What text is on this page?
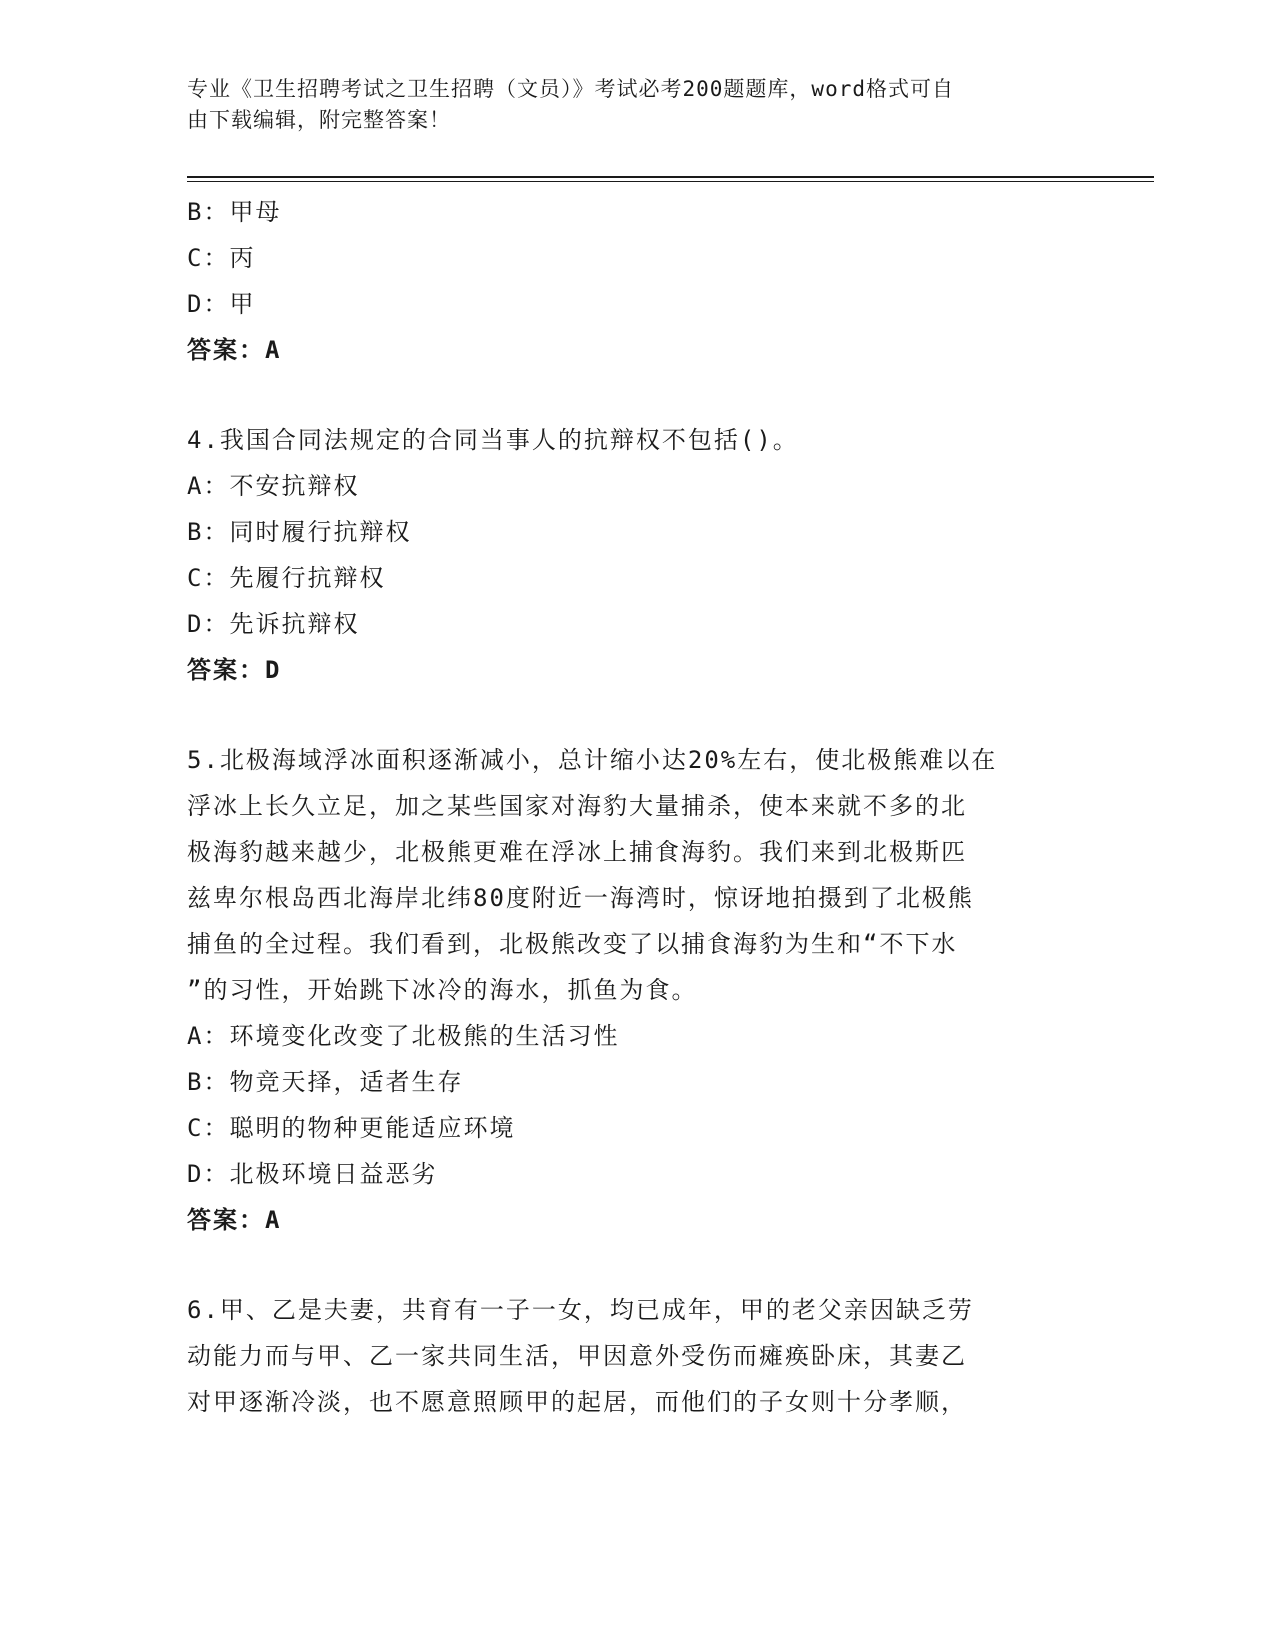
专业《卫生招聘考试之卫生招聘（文员）》考试必考200题题库，word格式可自
由下载编辑，附完整答案！
B：甲母
C：丙
D：甲
答案：A
4.我国合同法规定的合同当事人的抗辩权不包括()。
A：不安抗辩权
B：同时履行抗辩权
C：先履行抗辩权
D：先诉抗辩权
答案：D
5.北极海域浮冰面积逐渐减小，总计缩小达20%左右，使北极熊难以在
浮冰上长久立足，加之某些国家对海豹大量捕杀，使本来就不多的北
极海豹越来越少，北极熊更难在浮冰上捕食海豹。我们来到北极斯匹
兹卑尔根岛西北海岸北纬80度附近一海湾时，惊讶地拍摄到了北极熊
捕鱼的全过程。我们看到，北极熊改变了以捕食海豹为生和“不下水
”的习性，开始跳下冰冷的海水，抓鱼为食。
A：环境变化改变了北极熊的生活习性
B：物竞天择，适者生存
C：聪明的物种更能适应环境
D：北极环境日益恶劣
答案：A
6.甲、乙是夫妻，共育有一子一女，均已成年，甲的老父亲因缺乏劳
动能力而与甲、乙一家共同生活，甲因意外受伤而瘫痪卧床，其妻乙
对甲逐渐冷淡，也不愿意照顾甲的起居，而他们的子女则十分孝顺，
